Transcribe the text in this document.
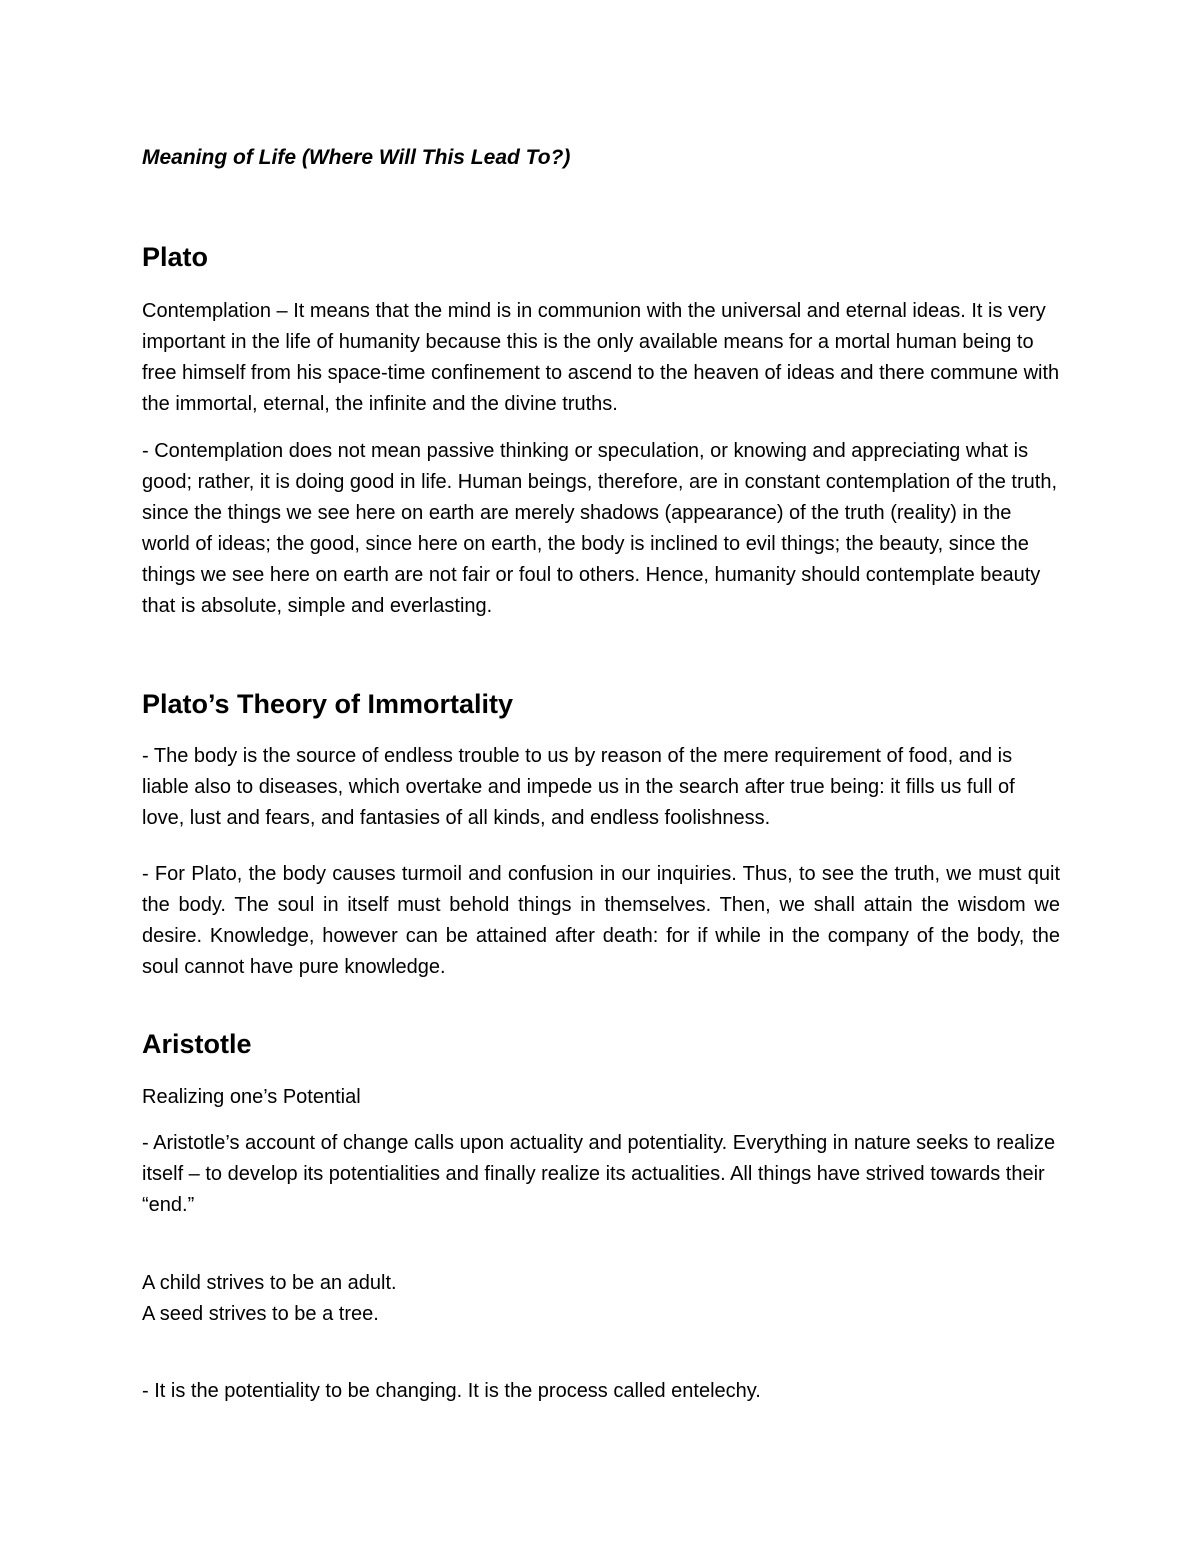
Meaning of Life (Where Will This Lead To?)
Plato

Contemplation – It means that the mind is in communion with the universal and eternal ideas. It is very important in the life of humanity because this is the only available means for a mortal human being to free himself from his space-time confinement to ascend to the heaven of ideas and there commune with the immortal, eternal, the infinite and the divine truths.

- Contemplation does not mean passive thinking or speculation, or knowing and appreciating what is good; rather, it is doing good in life. Human beings, therefore, are in constant contemplation of the truth, since the things we see here on earth are merely shadows (appearance) of the truth (reality) in the world of ideas; the good, since here on earth, the body is inclined to evil things; the beauty, since the things we see here on earth are not fair or foul to others. Hence, humanity should contemplate beauty that is absolute, simple and everlasting.

Plato’s Theory of Immortality

- The body is the source of endless trouble to us by reason of the mere requirement of food, and is liable also to diseases, which overtake and impede us in the search after true being: it fills us full of love, lust and fears, and fantasies of all kinds, and endless foolishness.

- For Plato, the body causes turmoil and confusion in our inquiries. Thus, to see the truth, we must quit the body. The soul in itself must behold things in themselves. Then, we shall attain the wisdom we desire. Knowledge, however can be attained after death: for if while in the company of the body, the soul cannot have pure knowledge.

Aristotle

Realizing one’s Potential

- Aristotle’s account of change calls upon actuality and potentiality. Everything in nature seeks to realize itself – to develop its potentialities and finally realize its actualities. All things have strived towards their “end.”

A child strives to be an adult.

A seed strives to be a tree.

- It is the potentiality to be changing. It is the process called entelechy.
